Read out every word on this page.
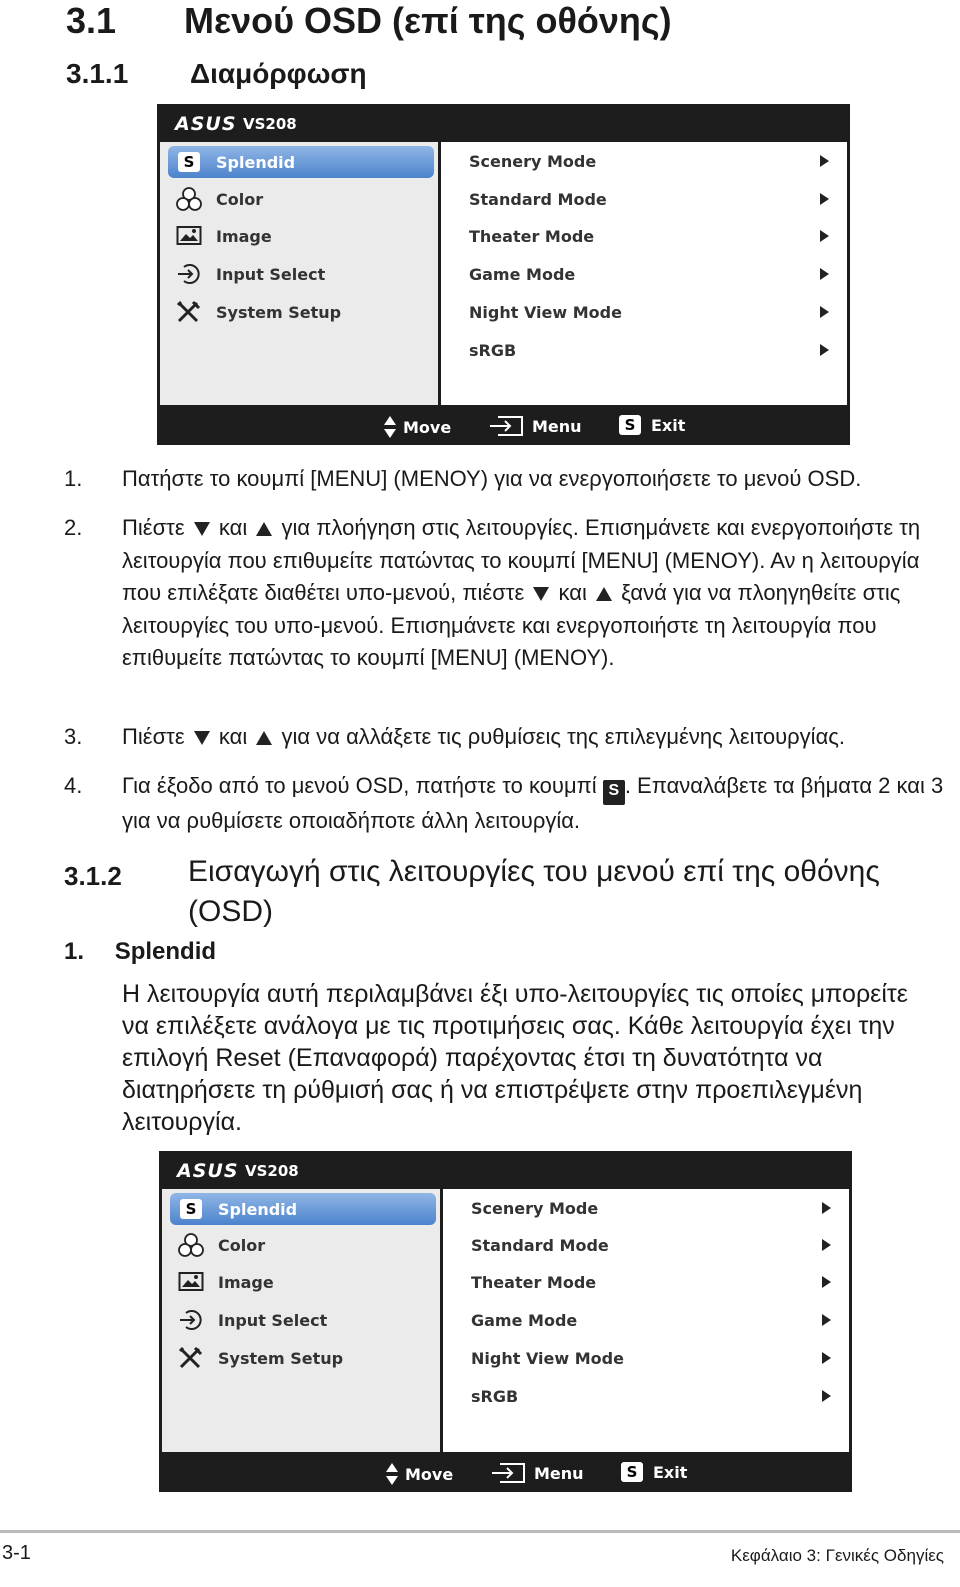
3.1 Μενού OSD (επί της οθόνης)
3.1.1 Διαμόρφωση
ASUS VS208
S	Splendid
Color
Image
Input Select
System Setup
Scenery Mode
Standard Mode
Theater Mode
Game Mode
Night View Mode
sRGB
Move	Menu	S Exit
1. Πατήστε το κουμπί [MENU] (ΜΕΝΟΥ) για να ενεργοποιήσετε το μενού OSD.
2. Πιέστε και για πλοήγηση στις λειτουργίες. Επισημάνετε και ενεργοποιήστε τη λειτουργία που επιθυμείτε πατώντας το κουμπί [MENU] (ΜΕΝΟΥ). Αν η λειτουργία που επιλέξατε διαθέτει υπο-μενού, πιέστε και ξανά για να πλοηγηθείτε στις λειτουργίες του υπο-μενού. Επισημάνετε και ενεργοποιήστε τη λειτουργία που επιθυμείτε πατώντας το κουμπί [MENU] (ΜΕΝΟΥ).
3. Πιέστε και για να αλλάξετε τις ρυθμίσεις της επιλεγμένης λειτουργίας.
4. Για έξοδο από το μενού OSD, πατήστε το κουμπί S . Επαναλάβετε τα βήματα 2 και 3 για να ρυθμίσετε οποιαδήποτε άλλη λειτουργία.
3.1.2 Εισαγωγή στις λειτουργίες του μενού επί της οθόνης (OSD)
1. Splendid
Η λειτουργία αυτή περιλαμβάνει έξι υπο-λειτουργίες τις οποίες μπορείτε να επιλέξετε ανάλογα με τις προτιμήσεις σας. Κάθε λειτουργία έχει την επιλογή Reset (Επαναφορά) παρέχοντας έτσι τη δυνατότητα να διατηρήσετε τη ρύθμισή σας ή να επιστρέψετε στην προεπιλεγμένη λειτουργία.
ASUS VS208
S	Splendid
Color
Image
Input Select
System Setup
Scenery Mode
Standard Mode
Theater Mode
Game Mode
Night View Mode
sRGB
Move	Menu	S Exit
3-1	Κεφάλαιο 3: Γενικές Οδηγίες
